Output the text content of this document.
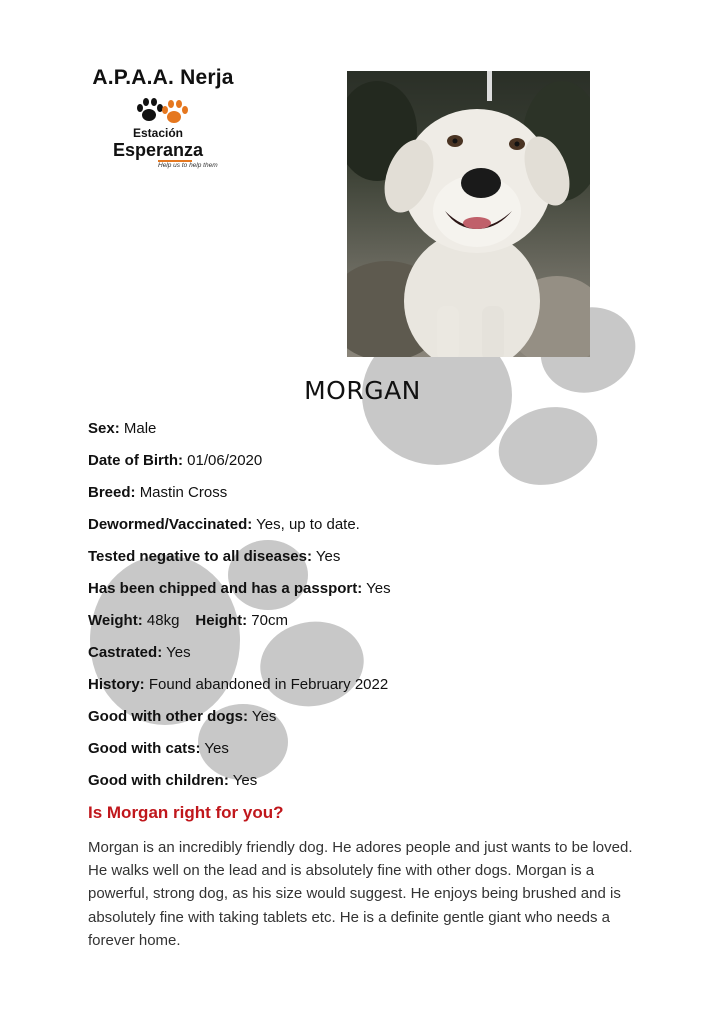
A.P.A.A. Nerja
Estación
Esperanza
Help us to help them
MORGAN
Sex: Male
Date of Birth: 01/06/2020
Breed: Mastin Cross
Dewormed/Vaccinated: Yes, up to date.
Tested negative to all diseases: Yes
Has been chipped and has a passport: Yes
Weight: 48kg Height: 70cm
Castrated: Yes
History: Found abandoned in February 2022
Good with other dogs: Yes
Good with cats: Yes
Good with children: Yes
Is Morgan right for you?
Morgan is an incredibly friendly dog. He adores people and just wants to be loved. He walks well on the lead and is absolutely fine with other dogs. Morgan is a powerful, strong dog, as his size would suggest. He enjoys being brushed and is absolutely fine with taking tablets etc. He is a definite gentle giant who needs a forever home.
